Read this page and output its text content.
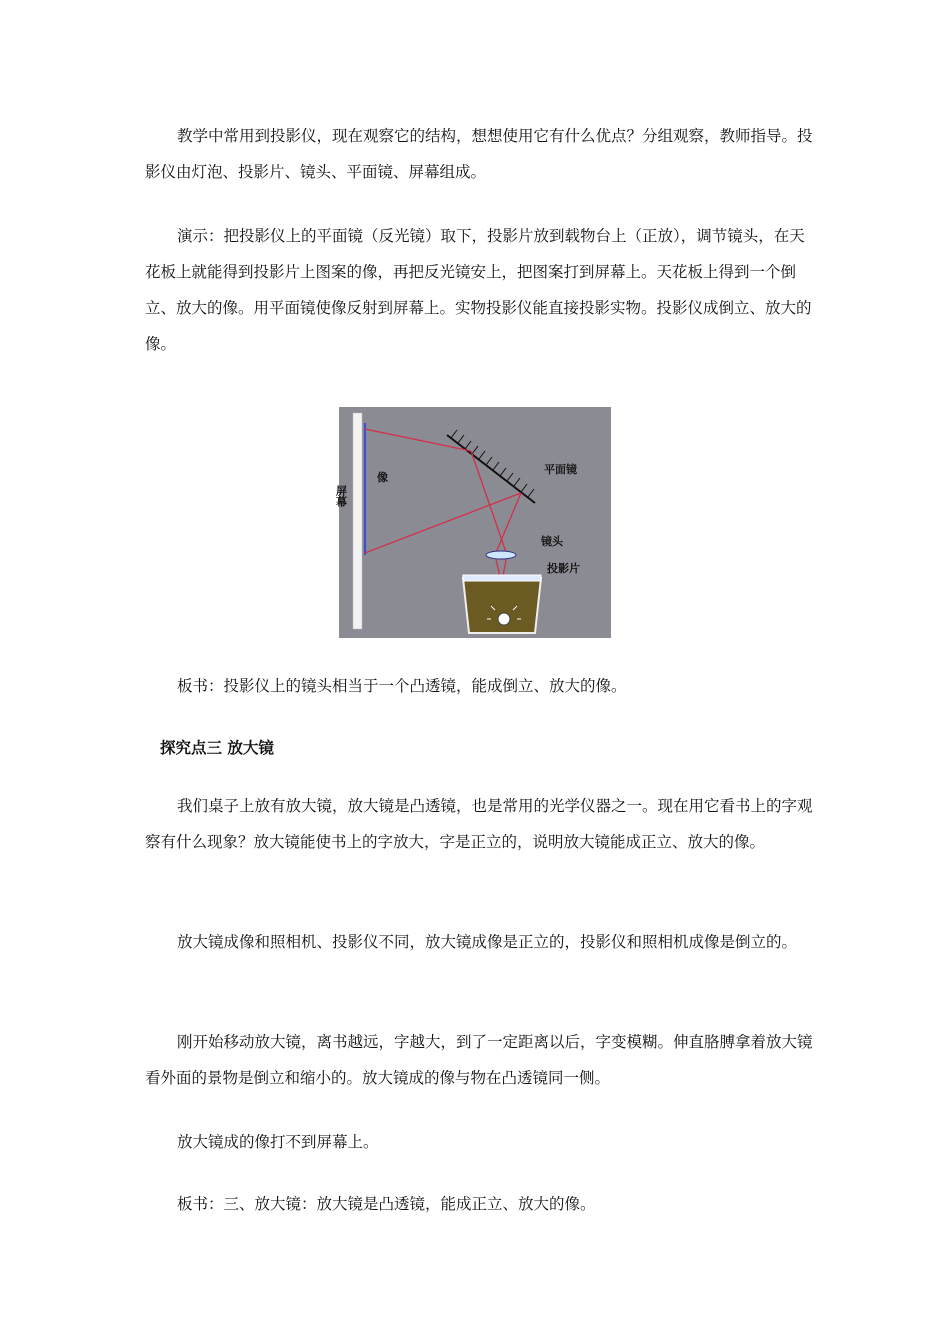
教学中常用到投影仪，现在观察它的结构，想想使用它有什么优点？分组观察，教师指导。投影仪由灯泡、投影片、镜头、平面镜、屏幕组成。

演示：把投影仪上的平面镜（反光镜）取下，投影片放到载物台上（正放），调节镜头，在天花板上就能得到投影片上图案的像，再把反光镜安上，把图案打到屏幕上。天花板上得到一个倒立、放大的像。用平面镜使像反射到屏幕上。实物投影仪能直接投影实物。投影仪成倒立、放大的像。

屏幕
像
平面镜
镜头
投影片

板书：投影仪上的镜头相当于一个凸透镜，能成倒立、放大的像。

探究点三 放大镜

我们桌子上放有放大镜，放大镜是凸透镜，也是常用的光学仪器之一。现在用它看书上的字观察有什么现象？放大镜能使书上的字放大，字是正立的，说明放大镜能成正立、放大的像。

放大镜成像和照相机、投影仪不同，放大镜成像是正立的，投影仪和照相机成像是倒立的。

刚开始移动放大镜，离书越远，字越大，到了一定距离以后，字变模糊。伸直胳膊拿着放大镜看外面的景物是倒立和缩小的。放大镜成的像与物在凸透镜同一侧。

放大镜成的像打不到屏幕上。

板书：三、放大镜：放大镜是凸透镜，能成正立、放大的像。
